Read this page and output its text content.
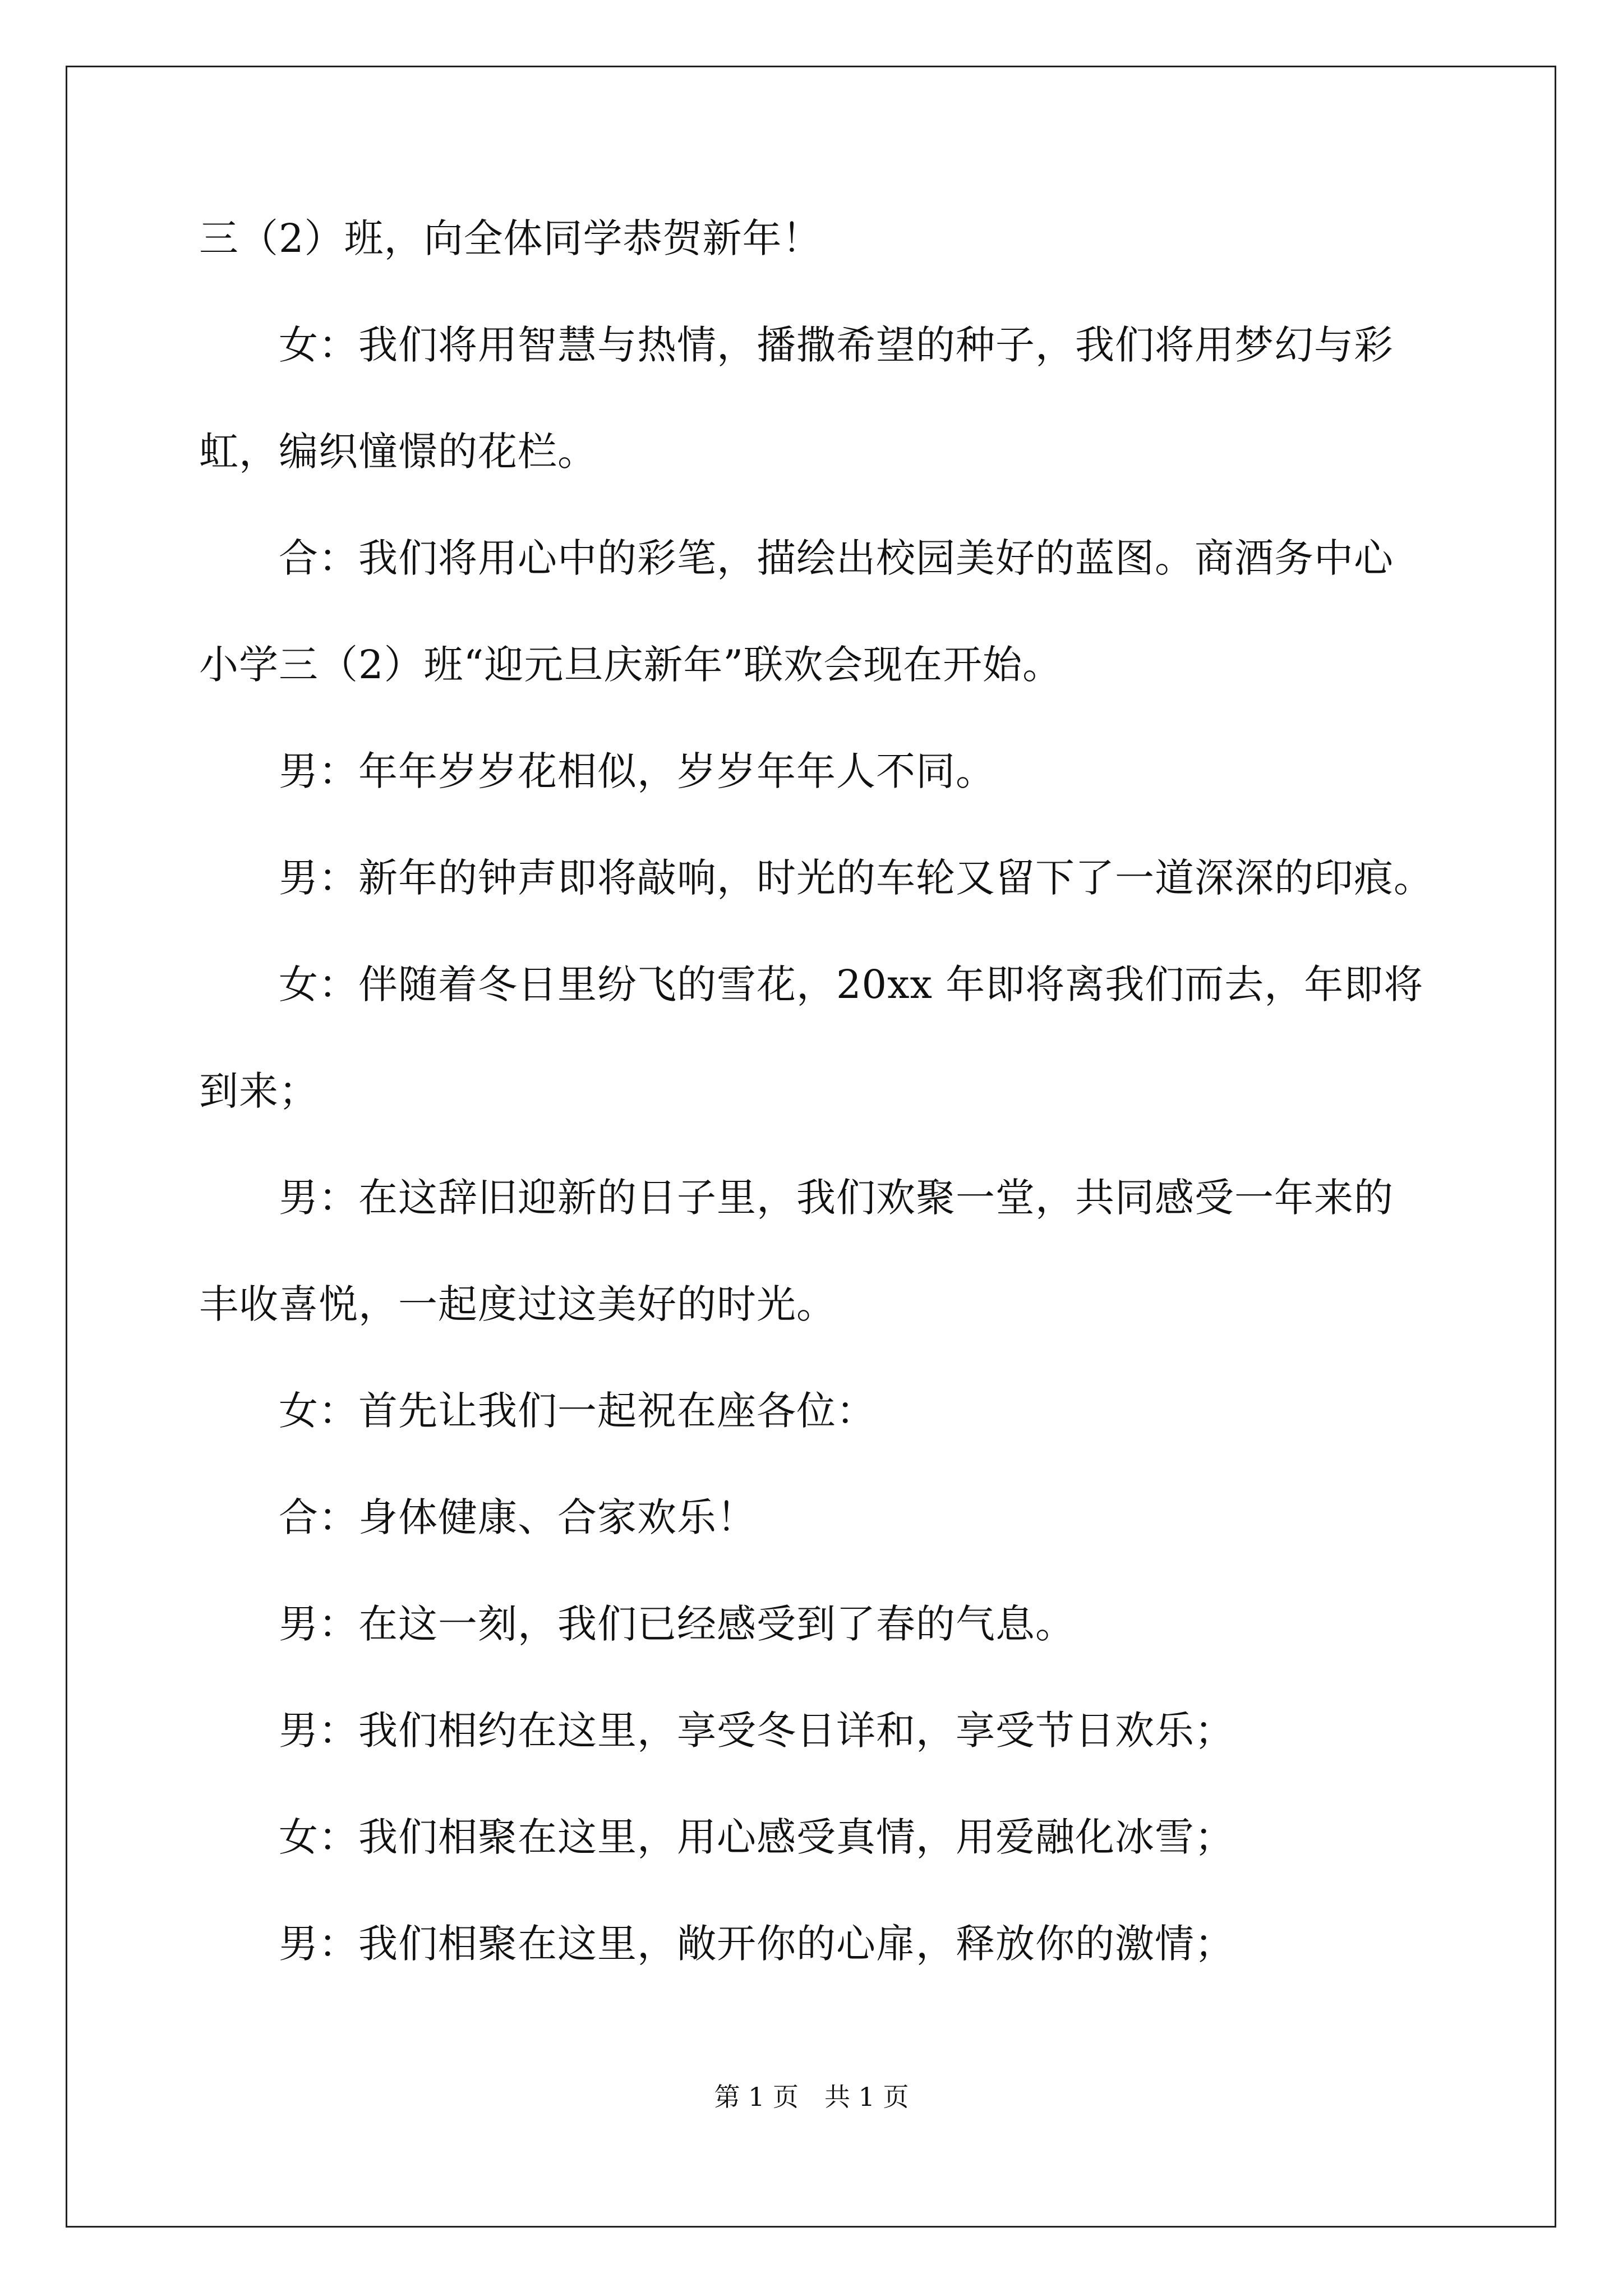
三（2）班，向全体同学恭贺新年！
　　女：我们将用智慧与热情，播撒希望的种子，我们将用梦幻与彩
虹，编织憧憬的花栏。
　　合：我们将用心中的彩笔，描绘出校园美好的蓝图。商酒务中心
小学三（2）班“迎元旦庆新年”联欢会现在开始。
　　男：年年岁岁花相似，岁岁年年人不同。
　　男：新年的钟声即将敲响，时光的车轮又留下了一道深深的印痕。
　　女：伴随着冬日里纷飞的雪花，20xx 年即将离我们而去，年即将
到来；
　　男：在这辞旧迎新的日子里，我们欢聚一堂，共同感受一年来的
丰收喜悦，一起度过这美好的时光。
　　女：首先让我们一起祝在座各位：
　　合：身体健康、合家欢乐！
　　男：在这一刻，我们已经感受到了春的气息。
　　男：我们相约在这里，享受冬日详和，享受节日欢乐；
　　女：我们相聚在这里，用心感受真情，用爱融化冰雪；
　　男：我们相聚在这里，敞开你的心扉，释放你的激情；
第 1 页　共 1 页
